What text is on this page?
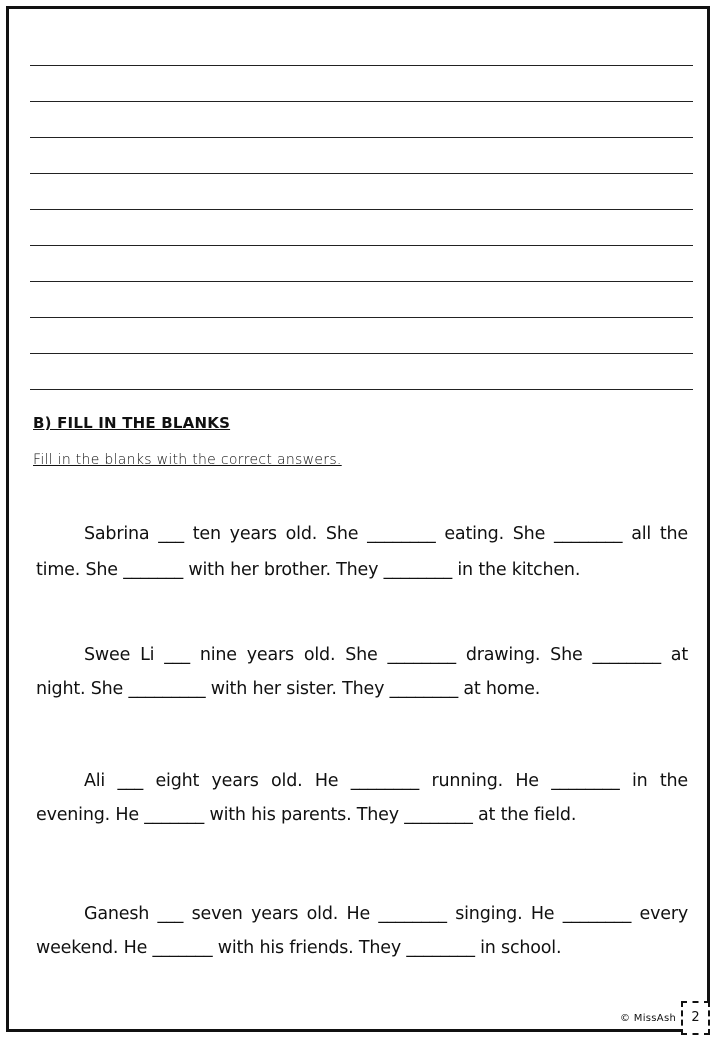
B) FILL IN THE BLANKS
Fill in the blanks with the correct answers.

Sabrina ___ ten years old. She ________ eating. She ________ all the time. She _______ with her brother. They ________ in the kitchen.

Swee Li ___ nine years old. She ________ drawing. She ________ at night. She _________ with her sister. They ________ at home.

Ali ___ eight years old. He ________ running. He ________ in the evening. He _______ with his parents. They ________ at the field.

Ganesh ___ seven years old. He ________ singing. He ________ every weekend. He _______ with his friends. They ________ in school.

© MissAsh	2
